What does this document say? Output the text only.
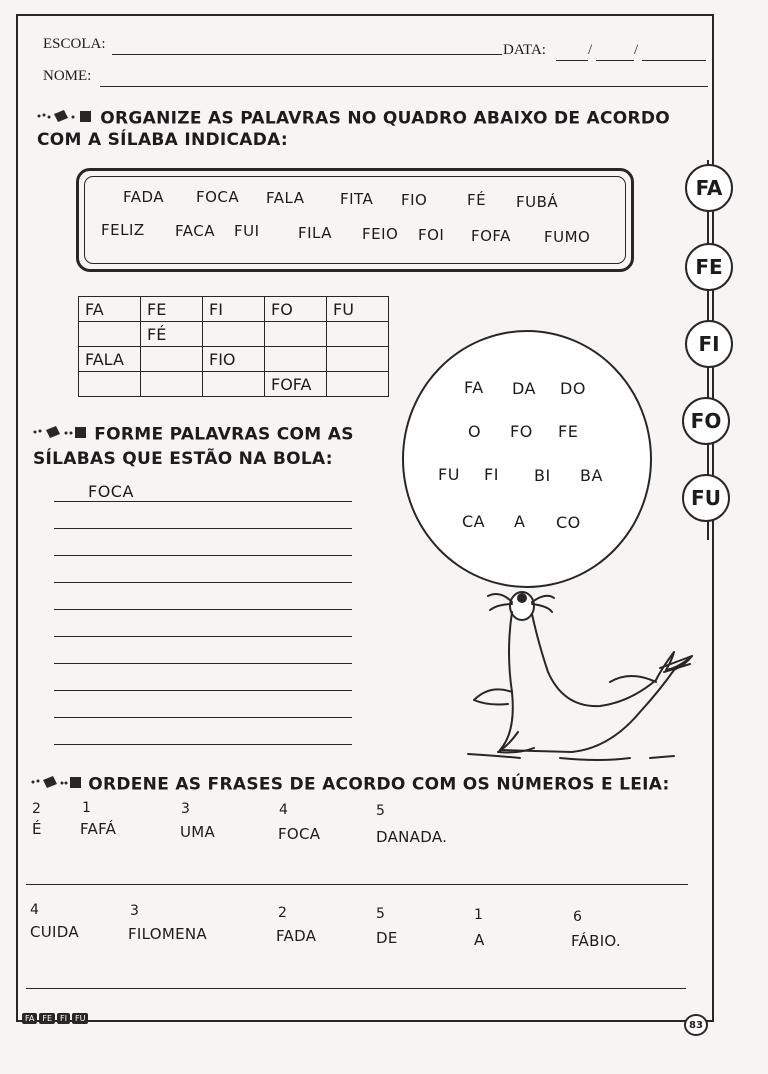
ESCOLA:	DATA:	/	/
NOME:
ORGANIZE AS PALAVRAS NO QUADRO ABAIXO DE ACORDO
COM A SÍLABA INDICADA:
FADA FOCA FALA FITA FIO	FÉ FUBÁ
FELIZ FACA FUI	FILA FEIO FOI FOFA FUMO
FA
FE
FI
FO
FU
FA	FE	FI	FO	FU
	FÉ			
FALA		FIO		
			FOFA	
FORME PALAVRAS COM AS
SÍLABAS QUE ESTÃO NA BOLA:
FOCA
FA DA DO
O FO FE
FU FI BI BA
CA A CO
ORDENE AS FRASES DE ACORDO COM OS NÚMEROS E LEIA:
2
É
1
FAFÁ
3
UMA
4
FOCA
5
DANADA.
4
CUIDA
3
FILOMENA
2
FADA
5
DE
1
A
6
FÁBIO.
FA	FE	FI	FU
83
